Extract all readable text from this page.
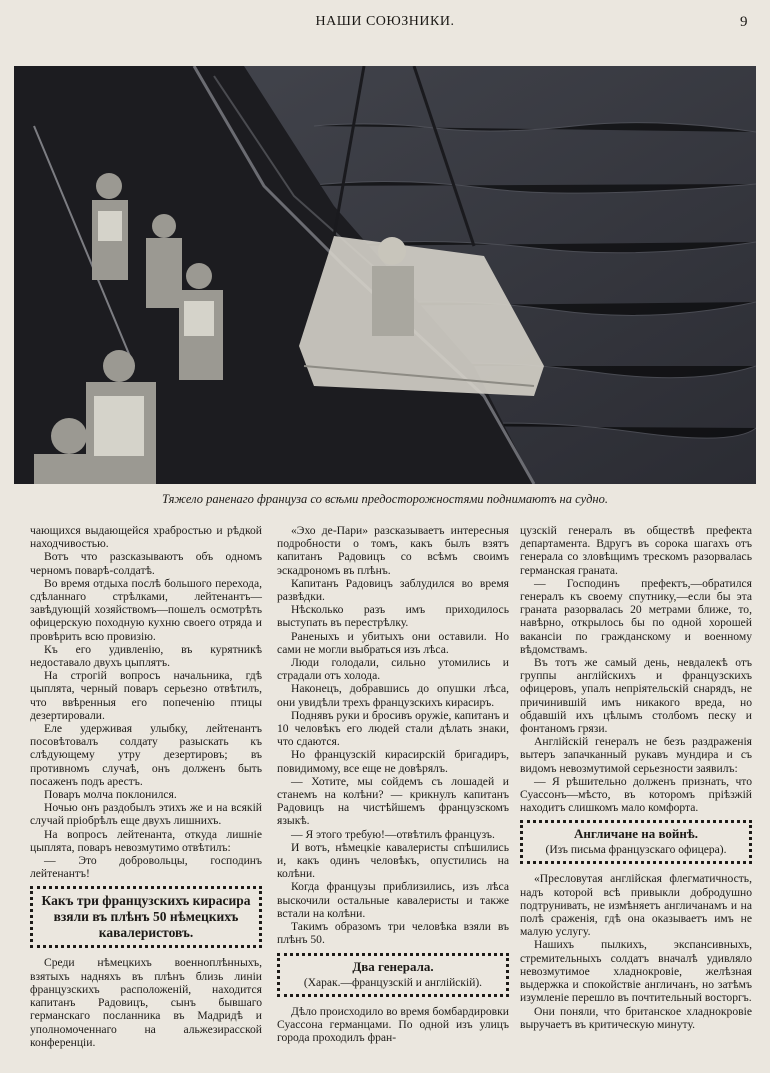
НАШИ СОЮЗНИКИ.	9
Тяжело раненаго француза со всѣми предосторожностями поднимаютъ на судно.

чающихся выдающейся храбростью и рѣдкой находчивостью.

Вотъ что разсказываютъ объ одномъ черномъ поварѣ-солдатѣ.

Во время отдыха послѣ большого перехода, сдѣланнаго стрѣлками, лейтенантъ—завѣдующій хозяйствомъ—пошелъ осмотрѣть офицерскую походную кухню своего отряда и провѣрить всю провизію.

Къ его удивленію, въ курятникѣ недоставало двухъ цыплятъ.

На строгій вопросъ начальника, гдѣ цыплята, черный поваръ серьезно отвѣтилъ, что ввѣренныя его попеченію птицы дезертировали.

Еле удерживая улыбку, лейтенантъ посовѣтовалъ солдату разыскать къ слѣдующему утру дезертировъ; въ противномъ случаѣ, онъ долженъ быть посаженъ подъ арестъ.

Поваръ молча поклонился.

Ночью онъ раздобылъ этихъ же и на всякій случай пріобрѣлъ еще двухъ лишнихъ.

На вопросъ лейтенанта, откуда лишніе цыплята, поваръ невозмутимо отвѣтилъ:

— Это добровольцы, господинъ лейтенантъ!

Какъ три французскихъ кирасира взяли въ плѣнъ 50 нѣмецкихъ кавалеристовъ.

Среди нѣмецкихъ военноплѣнныхъ, взятыхъ надняхъ въ плѣнъ близь линіи французскихъ расположеній, находится капитанъ Радовицъ, сынъ бывшаго германскаго посланника въ Мадридѣ и уполномоченнаго на альжезирасской конференціи.

«Эхо де-Пари» разсказываетъ интересныя подробности о томъ, какъ былъ взятъ капитанъ Радовицъ со всѣмъ своимъ эскадрономъ въ плѣнъ.

Капитанъ Радовицъ заблудился во время развѣдки.

Нѣсколько разъ имъ приходилось выступать въ перестрѣлку.

Раненыхъ и убитыхъ они оставили. Но сами не могли выбраться изъ лѣса.

Люди голодали, сильно утомились и страдали отъ холода.

Наконецъ, добравшись до опушки лѣса, они увидѣли трехъ французскихъ кирасиръ.

Поднявъ руки и бросивъ оружіе, капитанъ и 10 человѣкъ его людей стали дѣлать знаки, что сдаются.

Но французскій кирасирскій бригадиръ, повидимому, все еще не довѣрялъ.

— Хотите, мы сойдемъ съ лошадей и станемъ на колѣни? — крикнулъ капитанъ Радовицъ на чистѣйшемъ французскомъ языкѣ.

— Я этого требую!—отвѣтилъ французъ.

И вотъ, нѣмецкіе кавалеристы спѣшились и, какъ одинъ человѣкъ, опустились на колѣни.

Когда французы приблизились, изъ лѣса выскочили остальные кавалеристы и также встали на колѣни.

Такимъ образомъ три человѣка взяли въ плѣнъ 50.

Два генерала.
(Харак.—французскій и англійскій).

Дѣло происходило во время бомбардировки Суассона германцами. По одной изъ улицъ города проходилъ фран-

цузскій генералъ въ обществѣ префекта департамента. Вдругъ въ сорока шагахъ отъ генерала со зловѣщимъ трескомъ разорвалась германская граната.

— Господинъ префектъ,—обратился генералъ къ своему спутнику,—если бы эта граната разорвалась 20 метрами ближе, то, навѣрно, открылось бы по одной хорошей вакансіи по гражданскому и военному вѣдомствамъ.

Въ тотъ же самый день, невдалекѣ отъ группы англійскихъ и французскихъ офицеровъ, упалъ непріятельскій снарядъ, не причинившій имъ никакого вреда, но обдавшій ихъ цѣлымъ столбомъ песку и фонтаномъ грязи.

Англійскій генералъ не безъ раздраженія вытеръ запачканный рукавъ мундира и съ видомъ невозмутимой серьезности заявилъ:

— Я рѣшительно долженъ признать, что Суассонъ—мѣсто, въ которомъ пріѣзжій находитъ слишкомъ мало комфорта.

Англичане на войнѣ.
(Изъ письма французскаго офицера).

«Пресловутая англійская флегматичность, надъ которой всѣ привыкли добродушно подтрунивать, не измѣняетъ англичанамъ и на полѣ сраженія, гдѣ она оказываетъ имъ не малую услугу.

Нашихъ пылкихъ, экспансивныхъ, стремительныхъ солдатъ вначалѣ удивляло невозмутимое хладнокровіе, желѣзная выдержка и спокойствіе англичанъ, но затѣмъ изумленіе перешло въ почтительный восторгъ.

Они поняли, что британское хладнокровіе выручаетъ въ критическую минуту.
